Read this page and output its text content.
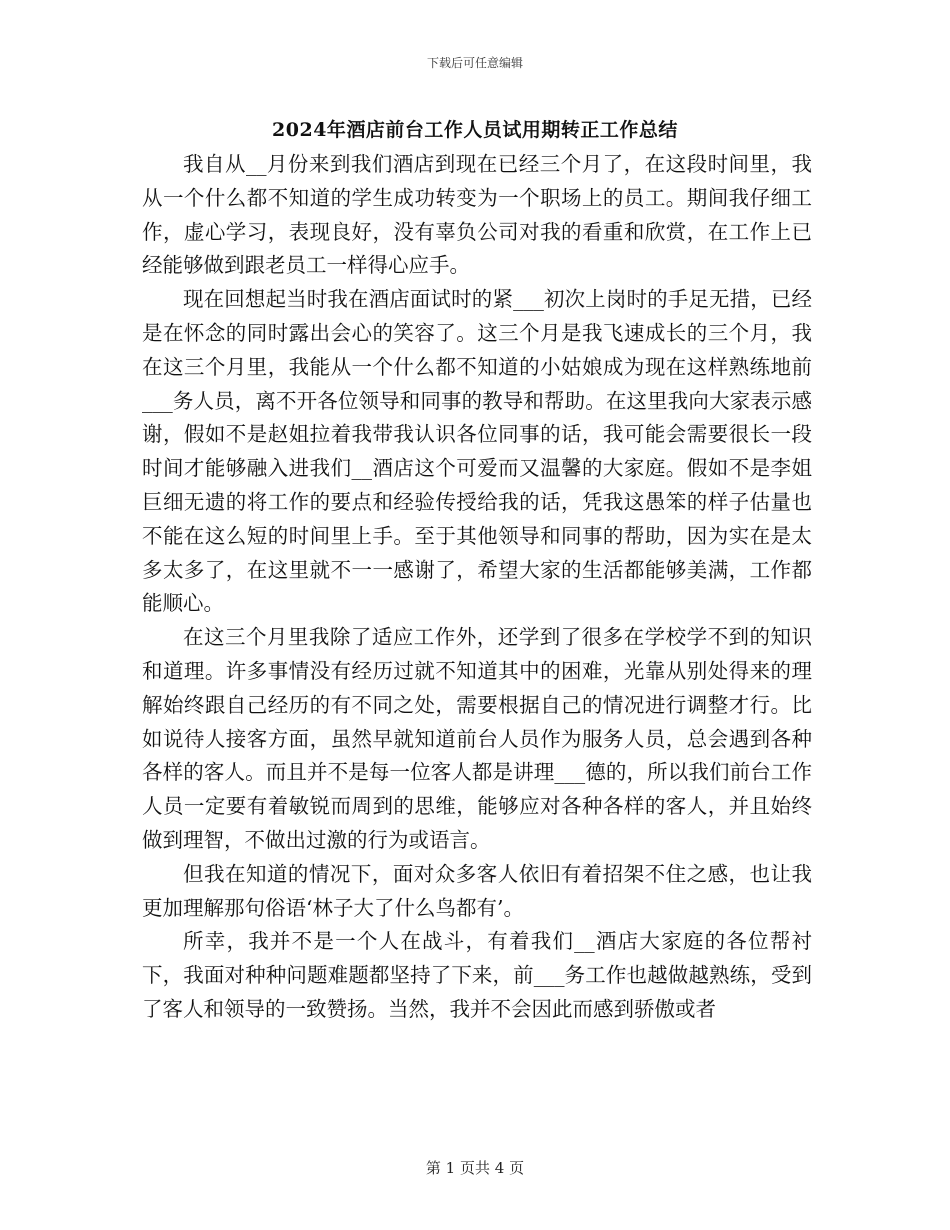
下载后可任意编辑
2024年酒店前台工作人员试用期转正工作总结

我自从__月份来到我们酒店到现在已经三个月了，在这段时间里，我从一个什么都不知道的学生成功转变为一个职场上的员工。期间我仔细工作，虚心学习，表现良好，没有辜负公司对我的看重和欣赏，在工作上已经能够做到跟老员工一样得心应手。

现在回想起当时我在酒店面试时的紧___初次上岗时的手足无措，已经是在怀念的同时露出会心的笑容了。这三个月是我飞速成长的三个月，我在这三个月里，我能从一个什么都不知道的小姑娘成为现在这样熟练地前___务人员，离不开各位领导和同事的教导和帮助。在这里我向大家表示感谢，假如不是赵姐拉着我带我认识各位同事的话，我可能会需要很长一段时间才能够融入进我们__酒店这个可爱而又温馨的大家庭。假如不是李姐巨细无遗的将工作的要点和经验传授给我的话，凭我这愚笨的样子估量也不能在这么短的时间里上手。至于其他领导和同事的帮助，因为实在是太多太多了，在这里就不一一感谢了，希望大家的生活都能够美满，工作都能顺心。

在这三个月里我除了适应工作外，还学到了很多在学校学不到的知识和道理。许多事情没有经历过就不知道其中的困难，光靠从别处得来的理解始终跟自己经历的有不同之处，需要根据自己的情况进行调整才行。比如说待人接客方面，虽然早就知道前台人员作为服务人员，总会遇到各种各样的客人。而且并不是每一位客人都是讲理___德的，所以我们前台工作人员一定要有着敏锐而周到的思维，能够应对各种各样的客人，并且始终做到理智，不做出过激的行为或语言。

但我在知道的情况下，面对众多客人依旧有着招架不住之感，也让我更加理解那句俗语‘林子大了什么鸟都有’。

所幸，我并不是一个人在战斗，有着我们__酒店大家庭的各位帮衬下，我面对种种问题难题都坚持了下来，前___务工作也越做越熟练，受到了客人和领导的一致赞扬。当然，我并不会因此而感到骄傲或者

第 1 页共 4 页
